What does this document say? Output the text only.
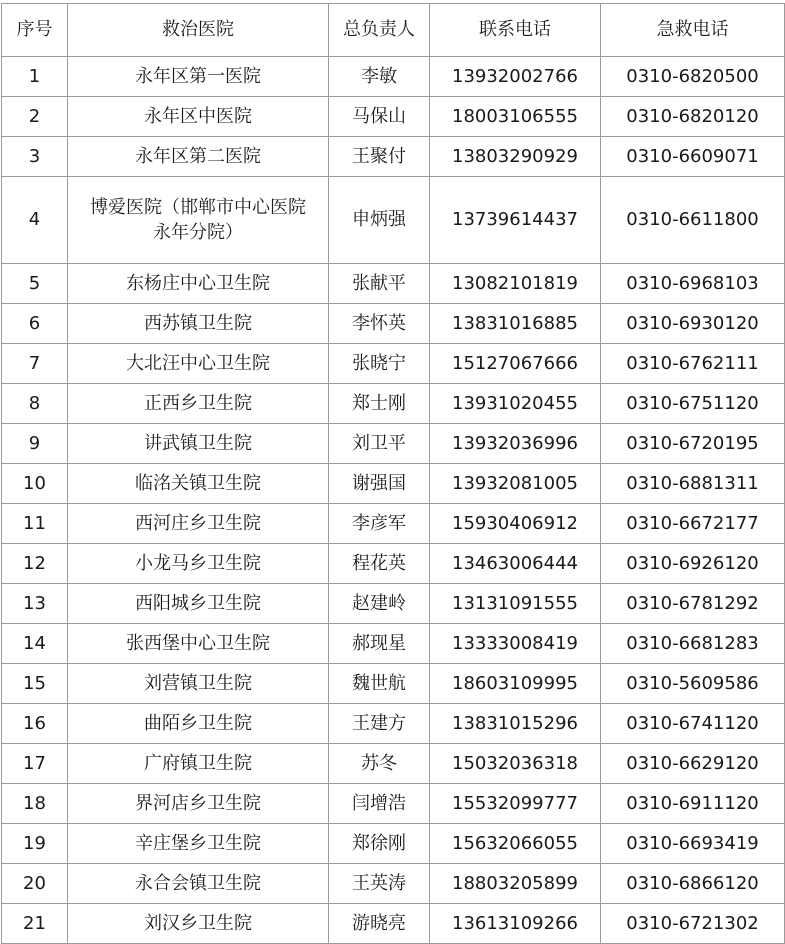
序号	救治医院	总负责人	联系电话	急救电话
1	永年区第一医院	李敏	13932002766	0310-6820500
2	永年区中医院	马保山	18003106555	0310-6820120
3	永年区第二医院	王聚付	13803290929	0310-6609071
4	博爱医院（邯郸市中心医院永年分院）	申炳强	13739614437	0310-6611800
5	东杨庄中心卫生院	张献平	13082101819	0310-6968103
6	西苏镇卫生院	李怀英	13831016885	0310-6930120
7	大北汪中心卫生院	张晓宁	15127067666	0310-6762111
8	正西乡卫生院	郑士刚	13931020455	0310-6751120
9	讲武镇卫生院	刘卫平	13932036996	0310-6720195
10	临洺关镇卫生院	谢强国	13932081005	0310-6881311
11	西河庄乡卫生院	李彦军	15930406912	0310-6672177
12	小龙马乡卫生院	程花英	13463006444	0310-6926120
13	西阳城乡卫生院	赵建岭	13131091555	0310-6781292
14	张西堡中心卫生院	郝现星	13333008419	0310-6681283
15	刘营镇卫生院	魏世航	18603109995	0310-5609586
16	曲陌乡卫生院	王建方	13831015296	0310-6741120
17	广府镇卫生院	苏冬	15032036318	0310-6629120
18	界河店乡卫生院	闫增浩	15532099777	0310-6911120
19	辛庄堡乡卫生院	郑徐刚	15632066055	0310-6693419
20	永合会镇卫生院	王英涛	18803205899	0310-6866120
21	刘汉乡卫生院	游晓亮	13613109266	0310-6721302
